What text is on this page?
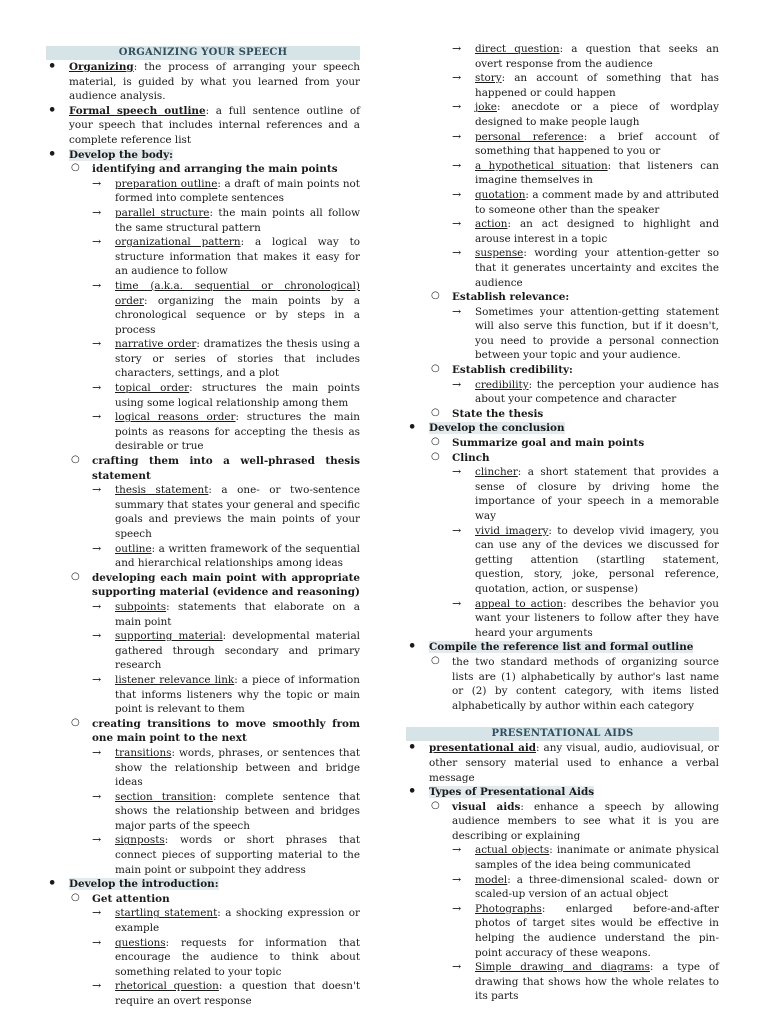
ORGANIZING YOUR SPEECH
• Organizing: the process of arranging your speech material, is guided by what you learned from your audience analysis.
• Formal speech outline: a full sentence outline of your speech that includes internal references and a complete reference list
• Develop the body:
○ identifying and arranging the main points
→ preparation outline: a draft of main points not formed into complete sentences
→ parallel structure: the main points all follow the same structural pattern
→ organizational pattern: a logical way to structure information that makes it easy for an audience to follow
→ time (a.k.a. sequential or chronological) order: organizing the main points by a chronological sequence or by steps in a process
→ narrative order: dramatizes the thesis using a story or series of stories that includes characters, settings, and a plot
→ topical order: structures the main points using some logical relationship among them
→ logical reasons order: structures the main points as reasons for accepting the thesis as desirable or true
○ crafting them into a well-phrased thesis statement
→ thesis statement: a one- or two-sentence summary that states your general and specific goals and previews the main points of your speech
→ outline: a written framework of the sequential and hierarchical relationships among ideas
○ developing each main point with appropriate supporting material (evidence and reasoning)
→ subpoints: statements that elaborate on a main point
→ supporting material: developmental material gathered through secondary and primary research
→ listener relevance link: a piece of information that informs listeners why the topic or main point is relevant to them
○ creating transitions to move smoothly from one main point to the next
→ transitions: words, phrases, or sentences that show the relationship between and bridge ideas
→ section transition: complete sentence that shows the relationship between and bridges major parts of the speech
→ signposts: words or short phrases that connect pieces of supporting material to the main point or subpoint they address
• Develop the introduction:
○ Get attention
→ startling statement: a shocking expression or example
→ questions: requests for information that encourage the audience to think about something related to your topic
→ rhetorical question: a question that doesn't require an overt response
→ direct question: a question that seeks an overt response from the audience
→ story: an account of something that has happened or could happen
→ joke: anecdote or a piece of wordplay designed to make people laugh
→ personal reference: a brief account of something that happened to you or
→ a hypothetical situation: that listeners can imagine themselves in
→ quotation: a comment made by and attributed to someone other than the speaker
→ action: an act designed to highlight and arouse interest in a topic
→ suspense: wording your attention-getter so that it generates uncertainty and excites the audience
○ Establish relevance:
→ Sometimes your attention-getting statement will also serve this function, but if it doesn't, you need to provide a personal connection between your topic and your audience.
○ Establish credibility:
→ credibility: the perception your audience has about your competence and character
○ State the thesis
• Develop the conclusion
○ Summarize goal and main points
○ Clinch
→ clincher: a short statement that provides a sense of closure by driving home the importance of your speech in a memorable way
→ vivid imagery: to develop vivid imagery, you can use any of the devices we discussed for getting attention (startling statement, question, story, joke, personal reference, quotation, action, or suspense)
→ appeal to action: describes the behavior you want your listeners to follow after they have heard your arguments
• Compile the reference list and formal outline
○ the two standard methods of organizing source lists are (1) alphabetically by author's last name or (2) by content category, with items listed alphabetically by author within each category
PRESENTATIONAL AIDS
• presentational aid: any visual, audio, audiovisual, or other sensory material used to enhance a verbal message
• Types of Presentational Aids
○ visual aids: enhance a speech by allowing audience members to see what it is you are describing or explaining
→ actual objects: inanimate or animate physical samples of the idea being communicated
→ model: a three-dimensional scaled- down or scaled-up version of an actual object
→ Photographs: enlarged before-and-after photos of target sites would be effective in helping the audience understand the pin- point accuracy of these weapons.
→ Simple drawing and diagrams: a type of drawing that shows how the whole relates to its parts
